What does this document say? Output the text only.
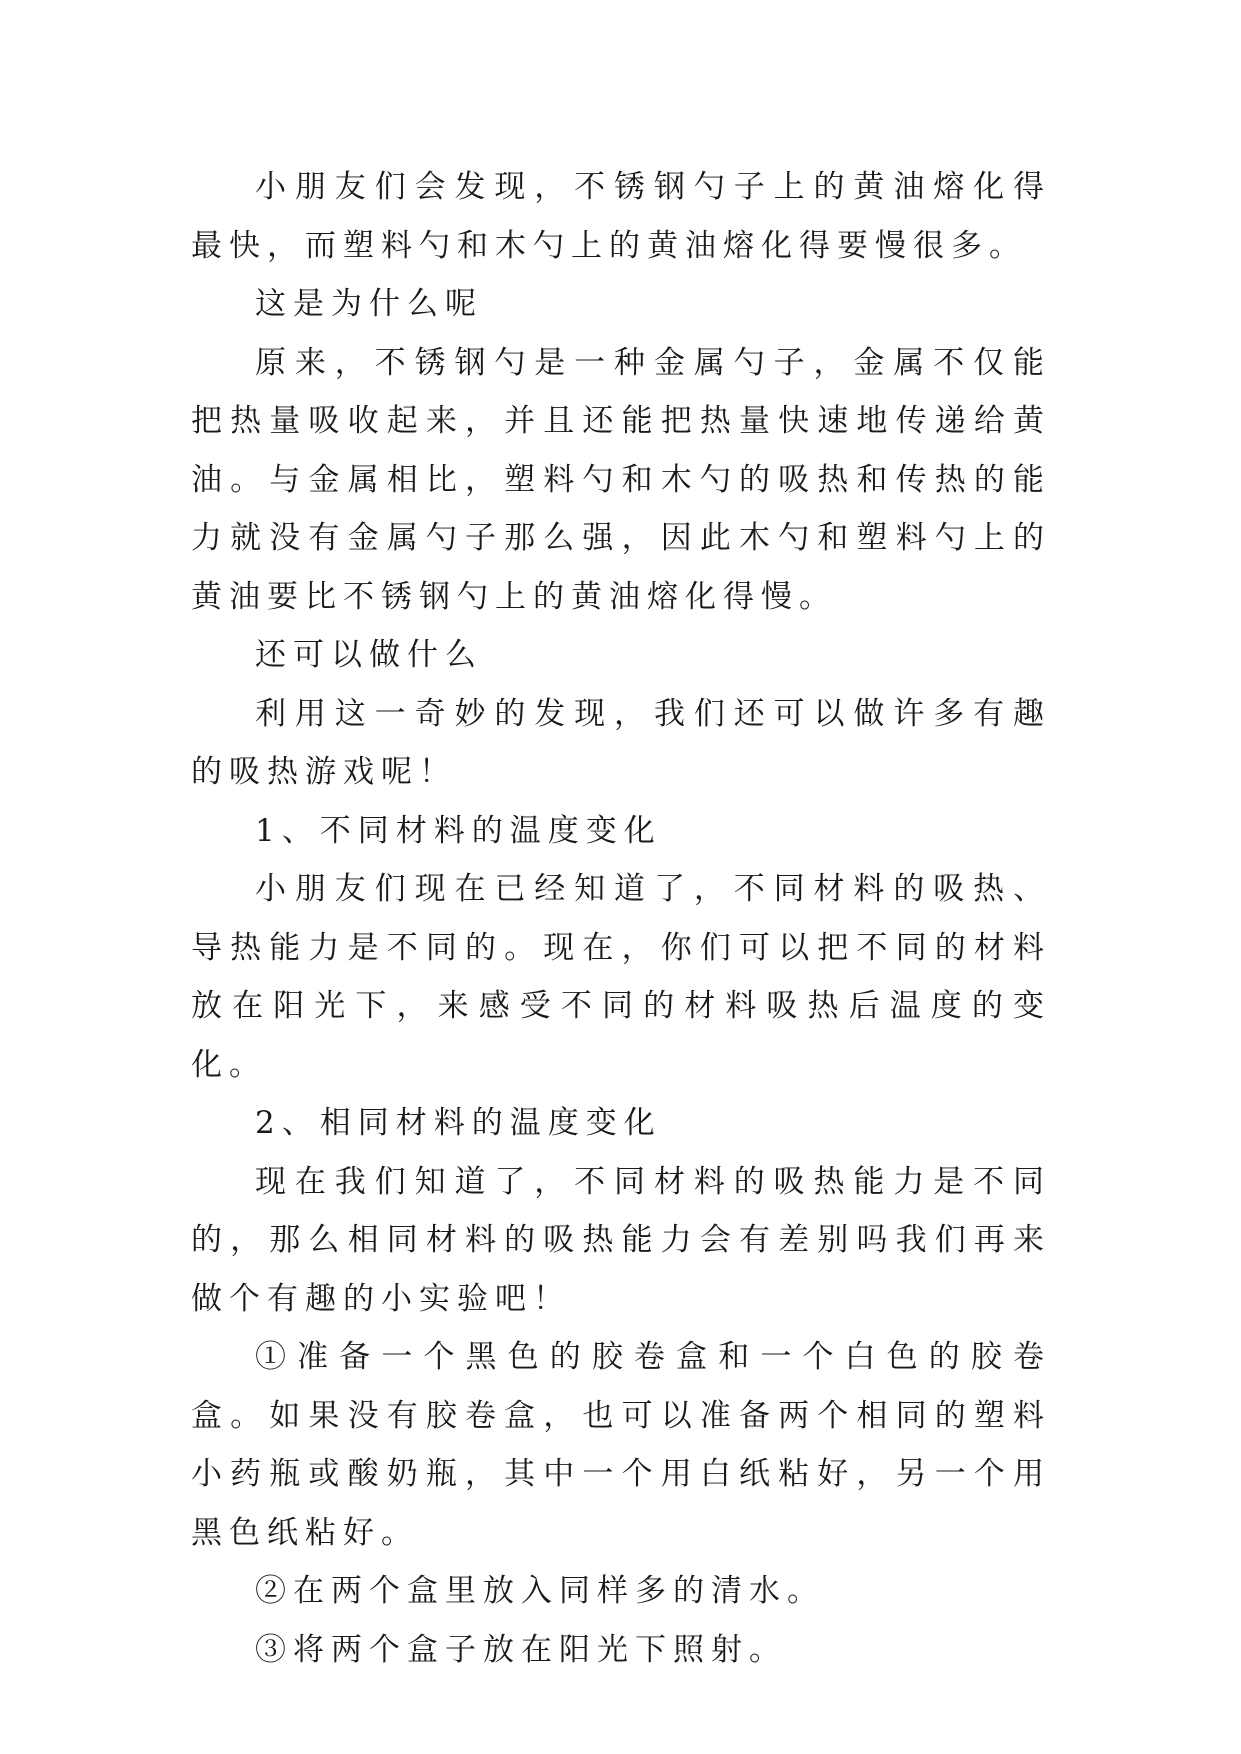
小朋友们会发现，不锈钢勺子上的黄油熔化得最快，而塑料勺和木勺上的黄油熔化得要慢很多。

这是为什么呢

原来，不锈钢勺是一种金属勺子，金属不仅能把热量吸收起来，并且还能把热量快速地传递给黄油。与金属相比，塑料勺和木勺的吸热和传热的能力就没有金属勺子那么强，因此木勺和塑料勺上的黄油要比不锈钢勺上的黄油熔化得慢。

还可以做什么

利用这一奇妙的发现，我们还可以做许多有趣的吸热游戏呢！

1、不同材料的温度变化

小朋友们现在已经知道了，不同材料的吸热、导热能力是不同的。现在，你们可以把不同的材料放在阳光下，来感受不同的材料吸热后温度的变化。

2、相同材料的温度变化

现在我们知道了，不同材料的吸热能力是不同的，那么相同材料的吸热能力会有差别吗我们再来做个有趣的小实验吧！

①准备一个黑色的胶卷盒和一个白色的胶卷盒。如果没有胶卷盒，也可以准备两个相同的塑料小药瓶或酸奶瓶，其中一个用白纸粘好，另一个用黑色纸粘好。

②在两个盒里放入同样多的清水。

③将两个盒子放在阳光下照射。
